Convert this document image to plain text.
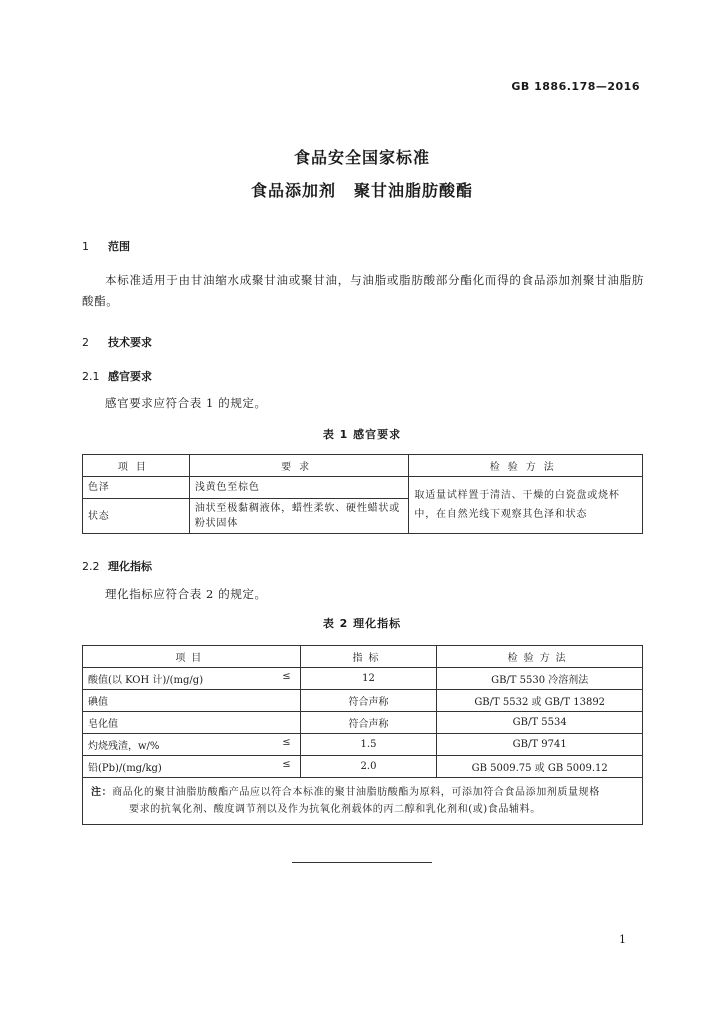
GB 1886.178—2016
食品安全国家标准
食品添加剂 聚甘油脂肪酸酯
1 范围
本标准适用于由甘油缩水成聚甘油或聚甘油，与油脂或脂肪酸部分酯化而得的食品添加剂聚甘油脂肪酸酯。
2 技术要求
2.1 感官要求
感官要求应符合表 1 的规定。
表 1 感官要求
项目	要求	检验方法
色泽	浅黄色至棕色	取适量试样置于清洁、干燥的白瓷盘或烧杯中，在自然光线下观察其色泽和状态
状态	油状至极黏稠液体，蜡性柔软、硬性蜡状或粉状固体	
2.2 理化指标
理化指标应符合表 2 的规定。
表 2 理化指标
项目	指标	检验方法
酸值(以 KOH 计)/(mg/g) ≤	12	GB/T 5530 冷溶剂法
碘值	符合声称	GB/T 5532 或 GB/T 13892
皂化值	符合声称	GB/T 5534
灼烧残渣，w/% ≤	1.5	GB/T 9741
铅(Pb)/(mg/kg) ≤	2.0	GB 5009.75 或 GB 5009.12

注：商品化的聚甘油脂肪酸酯产品应以符合本标准的聚甘油脂肪酸酯为原料，可添加符合食品添加剂质量规格
要求的抗氧化剂、酸度调节剂以及作为抗氧化剂载体的丙二醇和乳化剂和(或)食品辅料。		
1
